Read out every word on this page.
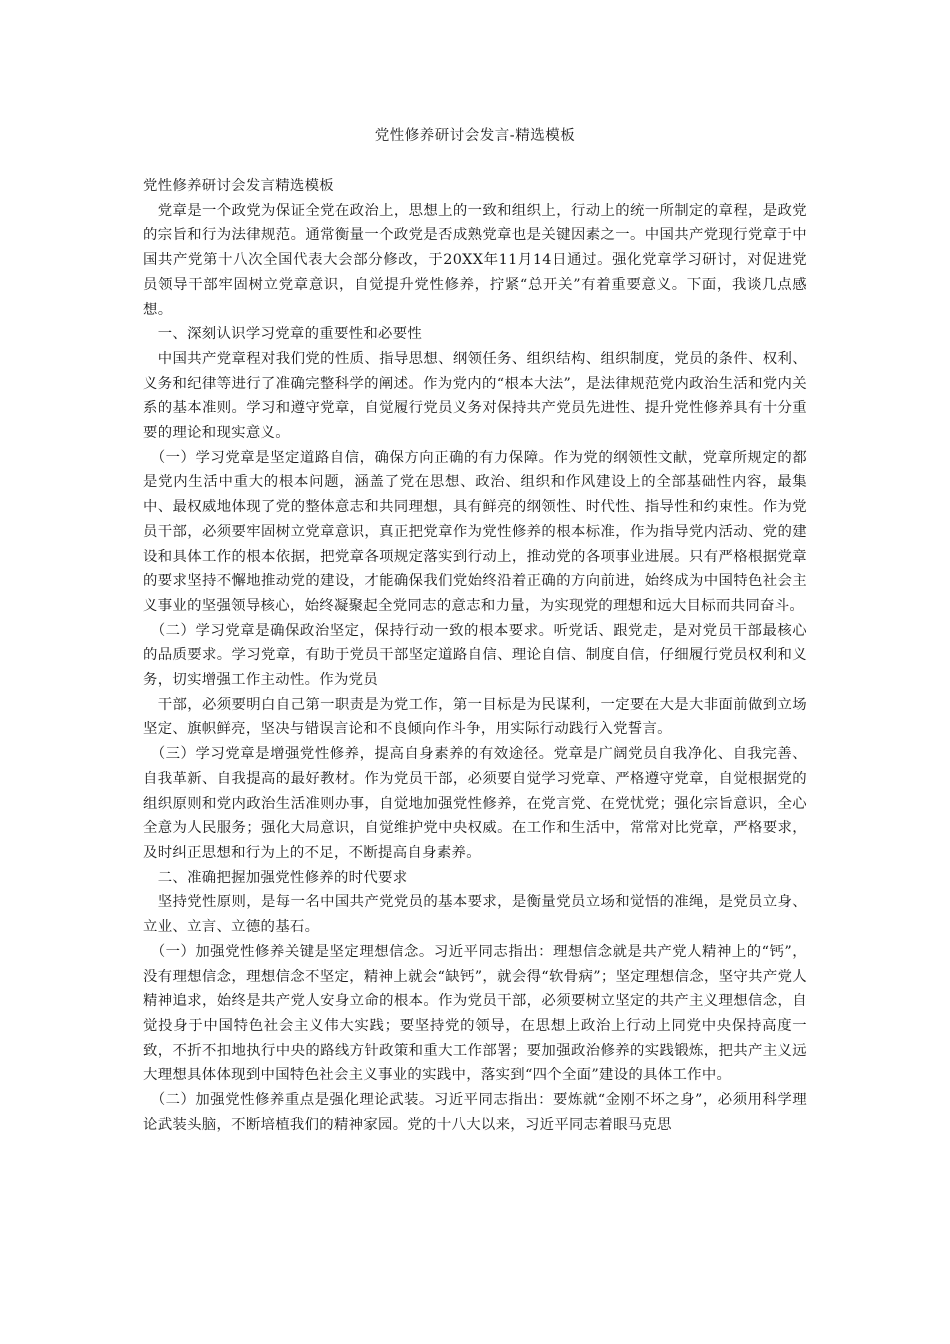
党性修养研讨会发言-精选模板
党性修养研讨会发言精选模板

　党章是一个政党为保证全党在政治上，思想上的一致和组织上，行动上的统一所制定的章程，是政党的宗旨和行为法律规范。通常衡量一个政党是否成熟党章也是关键因素之一。中国共产党现行党章于中国共产党第十八次全国代表大会部分修改，于20XX年11月14日通过。强化党章学习研讨，对促进党员领导干部牢固树立党章意识，自觉提升党性修养，拧紧“总开关”有着重要意义。下面，我谈几点感想。

　一、深刻认识学习党章的重要性和必要性

　中国共产党章程对我们党的性质、指导思想、纲领任务、组织结构、组织制度，党员的条件、权利、义务和纪律等进行了准确完整科学的阐述。作为党内的“根本大法”，是法律规范党内政治生活和党内关系的基本准则。学习和遵守党章，自觉履行党员义务对保持共产党员先进性、提升党性修养具有十分重要的理论和现实意义。

　（一）学习党章是坚定道路自信，确保方向正确的有力保障。作为党的纲领性文献，党章所规定的都是党内生活中重大的根本问题，涵盖了党在思想、政治、组织和作风建设上的全部基础性内容，最集中、最权威地体现了党的整体意志和共同理想，具有鲜亮的纲领性、时代性、指导性和约束性。作为党员干部，必须要牢固树立党章意识，真正把党章作为党性修养的根本标准，作为指导党内活动、党的建设和具体工作的根本依据，把党章各项规定落实到行动上，推动党的各项事业进展。只有严格根据党章的要求坚持不懈地推动党的建设，才能确保我们党始终沿着正确的方向前进，始终成为中国特色社会主义事业的坚强领导核心，始终凝聚起全党同志的意志和力量，为实现党的理想和远大目标而共同奋斗。

　（二）学习党章是确保政治坚定，保持行动一致的根本要求。听党话、跟党走，是对党员干部最核心的品质要求。学习党章，有助于党员干部坚定道路自信、理论自信、制度自信，仔细履行党员权利和义务，切实增强工作主动性。作为党员

　干部，必须要明白自己第一职责是为党工作，第一目标是为民谋利，一定要在大是大非面前做到立场坚定、旗帜鲜亮，坚决与错误言论和不良倾向作斗争，用实际行动践行入党誓言。

　（三）学习党章是增强党性修养，提高自身素养的有效途径。党章是广阔党员自我净化、自我完善、自我革新、自我提高的最好教材。作为党员干部，必须要自觉学习党章、严格遵守党章，自觉根据党的组织原则和党内政治生活准则办事，自觉地加强党性修养，在党言党、在党忧党；强化宗旨意识，全心全意为人民服务；强化大局意识，自觉维护党中央权威。在工作和生活中，常常对比党章，严格要求，及时纠正思想和行为上的不足，不断提高自身素养。

　二、准确把握加强党性修养的时代要求

　坚持党性原则，是每一名中国共产党党员的基本要求，是衡量党员立场和觉悟的准绳，是党员立身、立业、立言、立德的基石。

　（一）加强党性修养关键是坚定理想信念。习近平同志指出：理想信念就是共产党人精神上的“钙”，没有理想信念，理想信念不坚定，精神上就会“缺钙”，就会得“软骨病”；坚定理想信念，坚守共产党人精神追求，始终是共产党人安身立命的根本。作为党员干部，必须要树立坚定的共产主义理想信念，自觉投身于中国特色社会主义伟大实践；要坚持党的领导，在思想上政治上行动上同党中央保持高度一致，不折不扣地执行中央的路线方针政策和重大工作部署；要加强政治修养的实践锻炼，把共产主义远大理想具体体现到中国特色社会主义事业的实践中，落实到“四个全面”建设的具体工作中。

　（二）加强党性修养重点是强化理论武装。习近平同志指出：要炼就“金刚不坏之身”，必须用科学理论武装头脑，不断培植我们的精神家园。党的十八大以来，习近平同志着眼马克思
